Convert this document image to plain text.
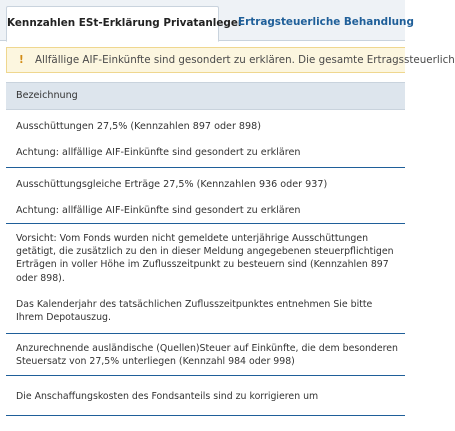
Kennzahlen ESt-Erklärung Privatanleger
Ertragsteuerliche Behandlung
! Allfällige AIF-Einkünfte sind gesondert zu erklären. Die gesamte Ertragssteuerlich
Bezeichnung
Ausschüttungen 27,5% (Kennzahlen 897 oder 898)
Achtung: allfällige AIF-Einkünfte sind gesondert zu erklären
Ausschüttungsgleiche Erträge 27,5% (Kennzahlen 936 oder 937)
Achtung: allfällige AIF-Einkünfte sind gesondert zu erklären
Vorsicht: Vom Fonds wurden nicht gemeldete unterjährige Ausschüttungen getätigt, die zusätzlich zu den in dieser Meldung angegebenen steuerpflichtigen Erträgen in voller Höhe im Zuflusszeitpunkt zu besteuern sind (Kennzahlen 897 oder 898).
Das Kalenderjahr des tatsächlichen Zuflusszeitpunktes entnehmen Sie bitte Ihrem Depotauszug.
Anzurechnende ausländische (Quellen)Steuer auf Einkünfte, die dem besonderen Steuersatz von 27,5% unterliegen (Kennzahl 984 oder 998)
Die Anschaffungskosten des Fondsanteils sind zu korrigieren um
